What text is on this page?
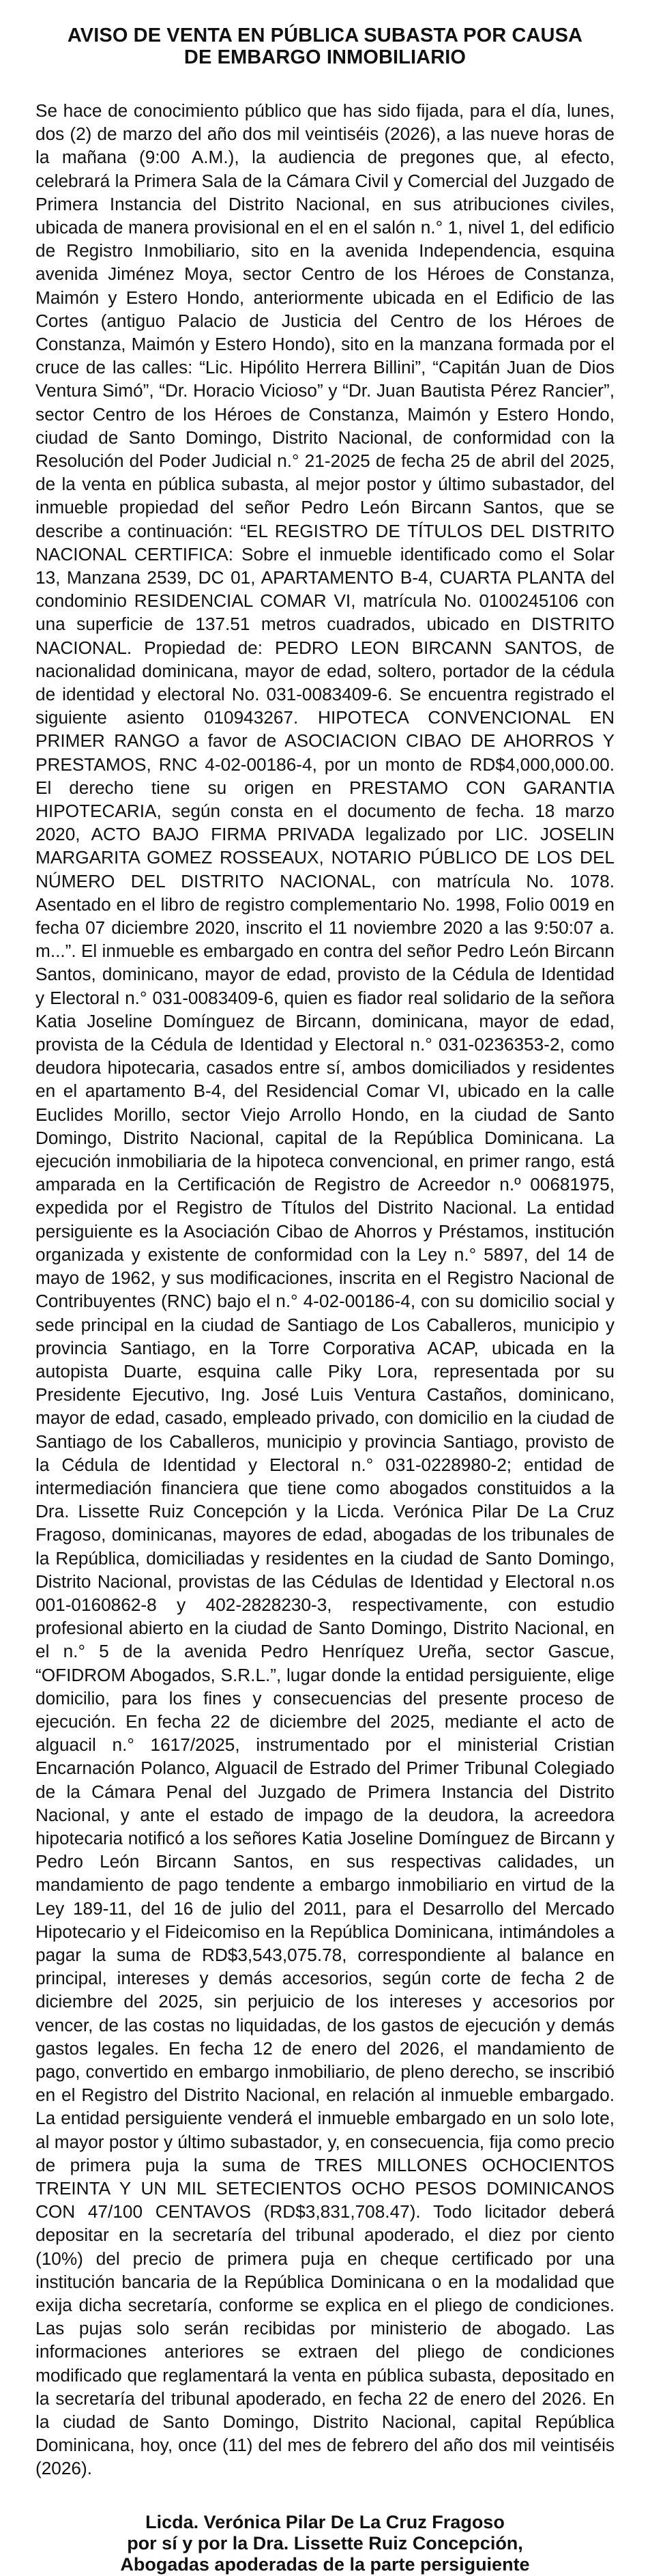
AVISO DE VENTA EN PÚBLICA SUBASTA POR CAUSA
DE EMBARGO INMOBILIARIO

Se hace de conocimiento público que has sido fijada, para el día, lunes, dos (2) de marzo del año dos mil veintiséis (2026), a las nueve horas de la mañana (9:00 A.M.), la audiencia de pregones que, al efecto, celebrará la Primera Sala de la Cámara Civil y Comercial del Juzgado de Primera Instancia del Distrito Nacional, en sus atribuciones civiles, ubicada de manera provisional en el en el salón n.° 1, nivel 1, del edificio de Registro Inmobiliario, sito en la avenida Independencia, esquina avenida Jiménez Moya, sector Centro de los Héroes de Constanza, Maimón y Estero Hondo, anteriormente ubicada en el Edificio de las Cortes (antiguo Palacio de Justicia del Centro de los Héroes de Constanza, Maimón y Estero Hondo), sito en la manzana formada por el cruce de las calles: “Lic. Hipólito Herrera Billini”, “Capitán Juan de Dios Ventura Simó”, “Dr. Horacio Vicioso” y “Dr. Juan Bautista Pérez Rancier”, sector Centro de los Héroes de Constanza, Maimón y Estero Hondo, ciudad de Santo Domingo, Distrito Nacional, de conformidad con la Resolución del Poder Judicial n.° 21-2025 de fecha 25 de abril del 2025, de la venta en pública subasta, al mejor postor y último subastador, del inmueble propiedad del señor Pedro León Bircann Santos, que se describe a continuación: “EL REGISTRO DE TÍTULOS DEL DISTRITO NACIONAL CERTIFICA: Sobre el inmueble identificado como el Solar 13, Manzana 2539, DC 01, APARTAMENTO B-4, CUARTA PLANTA del condominio RESIDENCIAL COMAR VI, matrícula No. 0100245106 con una superficie de 137.51 metros cuadrados, ubicado en DISTRITO NACIONAL. Propiedad de: PEDRO LEON BIRCANN SANTOS, de nacionalidad dominicana, mayor de edad, soltero, portador de la cédula de identidad y electoral No. 031-0083409-6. Se encuentra registrado el siguiente asiento 010943267. HIPOTECA CONVENCIONAL EN PRIMER RANGO a favor de ASOCIACION CIBAO DE AHORROS Y PRESTAMOS, RNC 4-02-00186-4, por un monto de RD$4,000,000.00. El derecho tiene su origen en PRESTAMO CON GARANTIA HIPOTECARIA, según consta en el documento de fecha. 18 marzo 2020, ACTO BAJO FIRMA PRIVADA legalizado por LIC. JOSELIN MARGARITA GOMEZ ROSSEAUX, NOTARIO PÚBLICO DE LOS DEL NÚMERO DEL DISTRITO NACIONAL, con matrícula No. 1078. Asentado en el libro de registro complementario No. 1998, Folio 0019 en fecha 07 diciembre 2020, inscrito el 11 noviembre 2020 a las 9:50:07 a. m...”. El inmueble es embargado en contra del señor Pedro León Bircann Santos, dominicano, mayor de edad, provisto de la Cédula de Identidad y Electoral n.° 031-0083409-6, quien es fiador real solidario de la señora Katia Joseline Domínguez de Bircann, dominicana, mayor de edad, provista de la Cédula de Identidad y Electoral n.° 031-0236353-2, como deudora hipotecaria, casados entre sí, ambos domiciliados y residentes en el apartamento B-4, del Residencial Comar VI, ubicado en la calle Euclides Morillo, sector Viejo Arrollo Hondo, en la ciudad de Santo Domingo, Distrito Nacional, capital de la República Dominicana. La ejecución inmobiliaria de la hipoteca convencional, en primer rango, está amparada en la Certificación de Registro de Acreedor n.º 00681975, expedida por el Registro de Títulos del Distrito Nacional. La entidad persiguiente es la Asociación Cibao de Ahorros y Préstamos, institución organizada y existente de conformidad con la Ley n.° 5897, del 14 de mayo de 1962, y sus modificaciones, inscrita en el Registro Nacional de Contribuyentes (RNC) bajo el n.° 4-02-00186-4, con su domicilio social y sede principal en la ciudad de Santiago de Los Caballeros, municipio y provincia Santiago, en la Torre Corporativa ACAP, ubicada en la autopista Duarte, esquina calle Piky Lora, representada por su Presidente Ejecutivo, Ing. José Luis Ventura Castaños, dominicano, mayor de edad, casado, empleado privado, con domicilio en la ciudad de Santiago de los Caballeros, municipio y provincia Santiago, provisto de la Cédula de Identidad y Electoral n.° 031-0228980-2; entidad de intermediación financiera que tiene como abogados constituidos a la Dra. Lissette Ruiz Concepción y la Licda. Verónica Pilar De La Cruz Fragoso, dominicanas, mayores de edad, abogadas de los tribunales de la República, domiciliadas y residentes en la ciudad de Santo Domingo, Distrito Nacional, provistas de las Cédulas de Identidad y Electoral n.os 001-0160862-8 y 402-2828230-3, respectivamente, con estudio profesional abierto en la ciudad de Santo Domingo, Distrito Nacional, en el n.° 5 de la avenida Pedro Henríquez Ureña, sector Gascue, “OFIDROM Abogados, S.R.L.”, lugar donde la entidad persiguiente, elige domicilio, para los fines y consecuencias del presente proceso de ejecución. En fecha 22 de diciembre del 2025, mediante el acto de alguacil n.° 1617/2025, instrumentado por el ministerial Cristian Encarnación Polanco, Alguacil de Estrado del Primer Tribunal Colegiado de la Cámara Penal del Juzgado de Primera Instancia del Distrito Nacional, y ante el estado de impago de la deudora, la acreedora hipotecaria notificó a los señores Katia Joseline Domínguez de Bircann y Pedro León Bircann Santos, en sus respectivas calidades, un mandamiento de pago tendente a embargo inmobiliario en virtud de la Ley 189-11, del 16 de julio del 2011, para el Desarrollo del Mercado Hipotecario y el Fideicomiso en la República Dominicana, intimándoles a pagar la suma de RD$3,543,075.78, correspondiente al balance en principal, intereses y demás accesorios, según corte de fecha 2 de diciembre del 2025, sin perjuicio de los intereses y accesorios por vencer, de las costas no liquidadas, de los gastos de ejecución y demás gastos legales. En fecha 12 de enero del 2026, el mandamiento de pago, convertido en embargo inmobiliario, de pleno derecho, se inscribió en el Registro del Distrito Nacional, en relación al inmueble embargado. La entidad persiguiente venderá el inmueble embargado en un solo lote, al mayor postor y último subastador, y, en consecuencia, fija como precio de primera puja la suma de TRES MILLONES OCHOCIENTOS TREINTA Y UN MIL SETECIENTOS OCHO PESOS DOMINICANOS CON 47/100 CENTAVOS (RD$3,831,708.47). Todo licitador deberá depositar en la secretaría del tribunal apoderado, el diez por ciento (10%) del precio de primera puja en cheque certificado por una institución bancaria de la República Dominicana o en la modalidad que exija dicha secretaría, conforme se explica en el pliego de condiciones. Las pujas solo serán recibidas por ministerio de abogado. Las informaciones anteriores se extraen del pliego de condiciones modificado que reglamentará la venta en pública subasta, depositado en la secretaría del tribunal apoderado, en fecha 22 de enero del 2026. En la ciudad de Santo Domingo, Distrito Nacional, capital República Dominicana, hoy, once (11) del mes de febrero del año dos mil veintiséis (2026).

Licda. Verónica Pilar De La Cruz Fragoso
por sí y por la Dra. Lissette Ruiz Concepción,
Abogadas apoderadas de la parte persiguiente
